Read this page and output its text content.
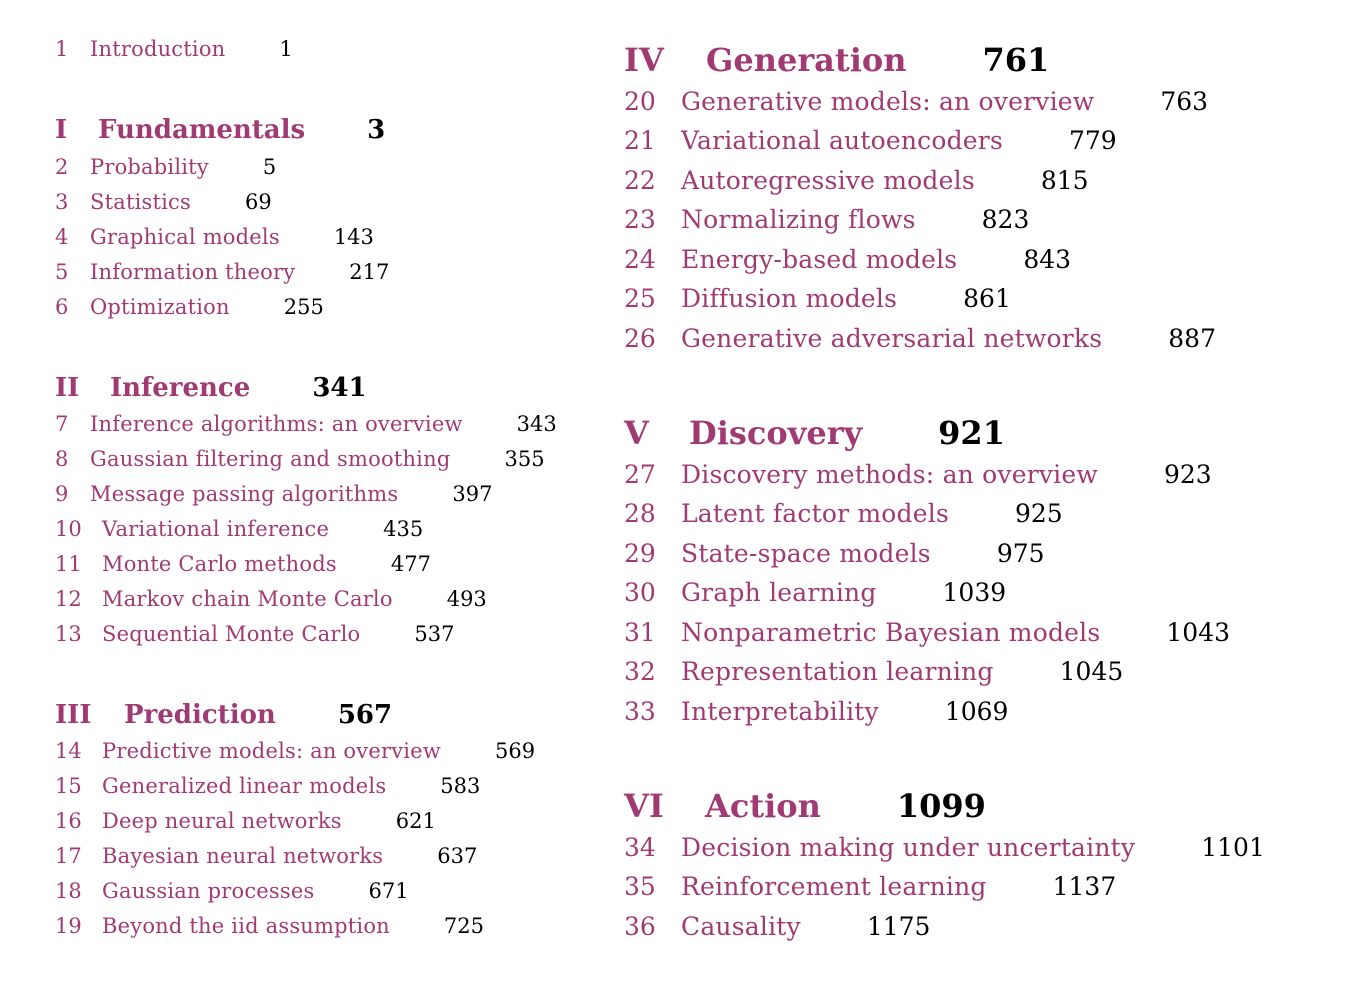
1	Introduction	1
I	Fundamentals 3
2	Probability	5
3	Statistics	69
4	Graphical models	143
5	Information theory	217
6	Optimization	255
II	Inference 341
7	Inference algorithms: an overview	343
8	Gaussian filtering and smoothing	355
9	Message passing algorithms	397
10 Variational inference	435
11 Monte Carlo methods	477
12 Markov chain Monte Carlo	493
13 Sequential Monte Carlo	537
III	Prediction 567
14 Predictive models: an overview	569
15 Generalized linear models	583
16 Deep neural networks	621
17 Bayesian neural networks	637
18 Gaussian processes	671
19 Beyond the iid assumption	725
IV	Generation 761
20	Generative models: an overview	763
21	Variational autoencoders	779
22	Autoregressive models	815
23	Normalizing flows	823
24	Energy-based models	843
25	Diffusion models	861
26	Generative adversarial networks	887
V	Discovery 921
27	Discovery methods: an overview	923
28	Latent factor models	925
29	State-space models	975
30	Graph learning	1039
31	Nonparametric Bayesian models	1043
32	Representation learning	1045
33	Interpretability	1069
VI	Action 1099
34	Decision making under uncertainty	1101
35	Reinforcement learning	1137
36	Causality	1175
